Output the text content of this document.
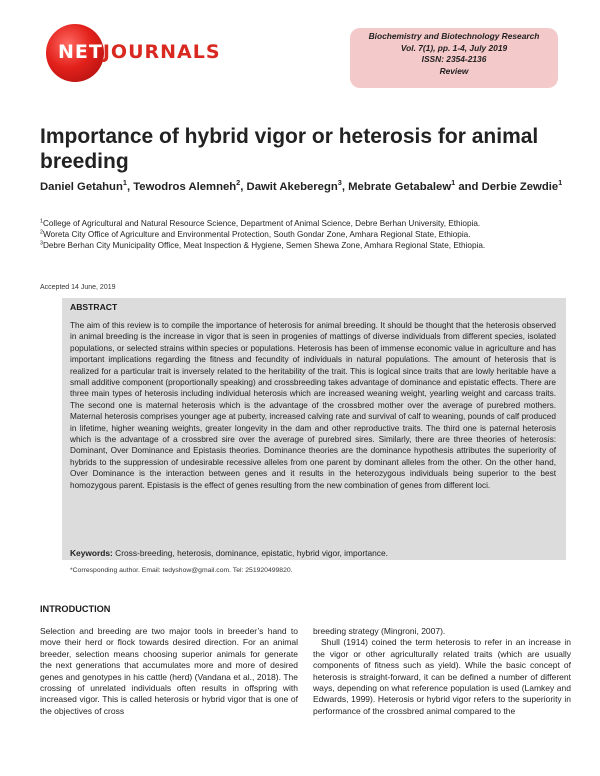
NETJOURNALS
Biochemistry and Biotechnology Research
Vol. 7(1), pp. 1-4, July 2019
ISSN: 2354-2136
Review
Importance of hybrid vigor or heterosis for animal breeding
Daniel Getahun$^1$, Tewodros Alemneh$^2$, Dawit Akeberegn$^3$, Mebrate Getabalew$^1$ and Derbie Zewdie$^1$
$^1$College of Agricultural and Natural Resource Science, Department of Animal Science, Debre Berhan University, Ethiopia.
$^2$Woreta City Office of Agriculture and Environmental Protection, South Gondar Zone, Amhara Regional State, Ethiopia.
$^3$Debre Berhan City Municipality Office, Meat Inspection & Hygiene, Semen Shewa Zone, Amhara Regional State, Ethiopia.
Accepted 14 June, 2019
ABSTRACT
The aim of this review is to compile the importance of heterosis for animal breeding. It should be thought that the heterosis observed in animal breeding is the increase in vigor that is seen in progenies of mattings of diverse individuals from different species, isolated populations, or selected strains within species or populations. Heterosis has been of immense economic value in agriculture and has important implications regarding the fitness and fecundity of individuals in natural populations. The amount of heterosis that is realized for a particular trait is inversely related to the heritability of the trait. This is logical since traits that are lowly heritable have a small additive component (proportionally speaking) and crossbreeding takes advantage of dominance and epistatic effects. There are three main types of heterosis including individual heterosis which are increased weaning weight, yearling weight and carcass traits. The second one is maternal heterosis which is the advantage of the crossbred mother over the average of purebred mothers. Maternal heterosis comprises younger age at puberty, increased calving rate and survival of calf to weaning, pounds of calf produced in lifetime, higher weaning weights, greater longevity in the dam and other reproductive traits. The third one is paternal heterosis which is the advantage of a crossbred sire over the average of purebred sires. Similarly, there are three theories of heterosis: Dominant, Over Dominance and Epistasis theories. Dominance theories are the dominance hypothesis attributes the superiority of hybrids to the suppression of undesirable recessive alleles from one parent by dominant alleles from the other. On the other hand, Over Dominance is the interaction between genes and it results in the heterozygous individuals being superior to the best homozygous parent. Epistasis is the effect of genes resulting from the new combination of genes from different loci.
Keywords: Cross-breeding, heterosis, dominance, epistatic, hybrid vigor, importance.
*Corresponding author. Email: tedyshow@gmail.com. Tel: 251920499820.
INTRODUCTION

Selection and breeding are two major tools in breeder’s hand to move their herd or flock towards desired direction. For an animal breeder, selection means choosing superior animals for generate the next generations that accumulates more and more of desired genes and genotypes in his cattle (herd) (Vandana et al., 2018). The crossing of unrelated individuals often results in offspring with increased vigor. This is called heterosis or hybrid vigor that is one of the objectives of cross

breeding strategy (Mingroni, 2007).

Shull (1914) coined the term heterosis to refer in an increase in the vigor or other agriculturally related traits (which are usually components of fitness such as yield). While the basic concept of heterosis is straight-forward, it can be defined a number of different ways, depending on what reference population is used (Lamkey and Edwards, 1999). Heterosis or hybrid vigor refers to the superiority in performance of the crossbred animal compared to the
